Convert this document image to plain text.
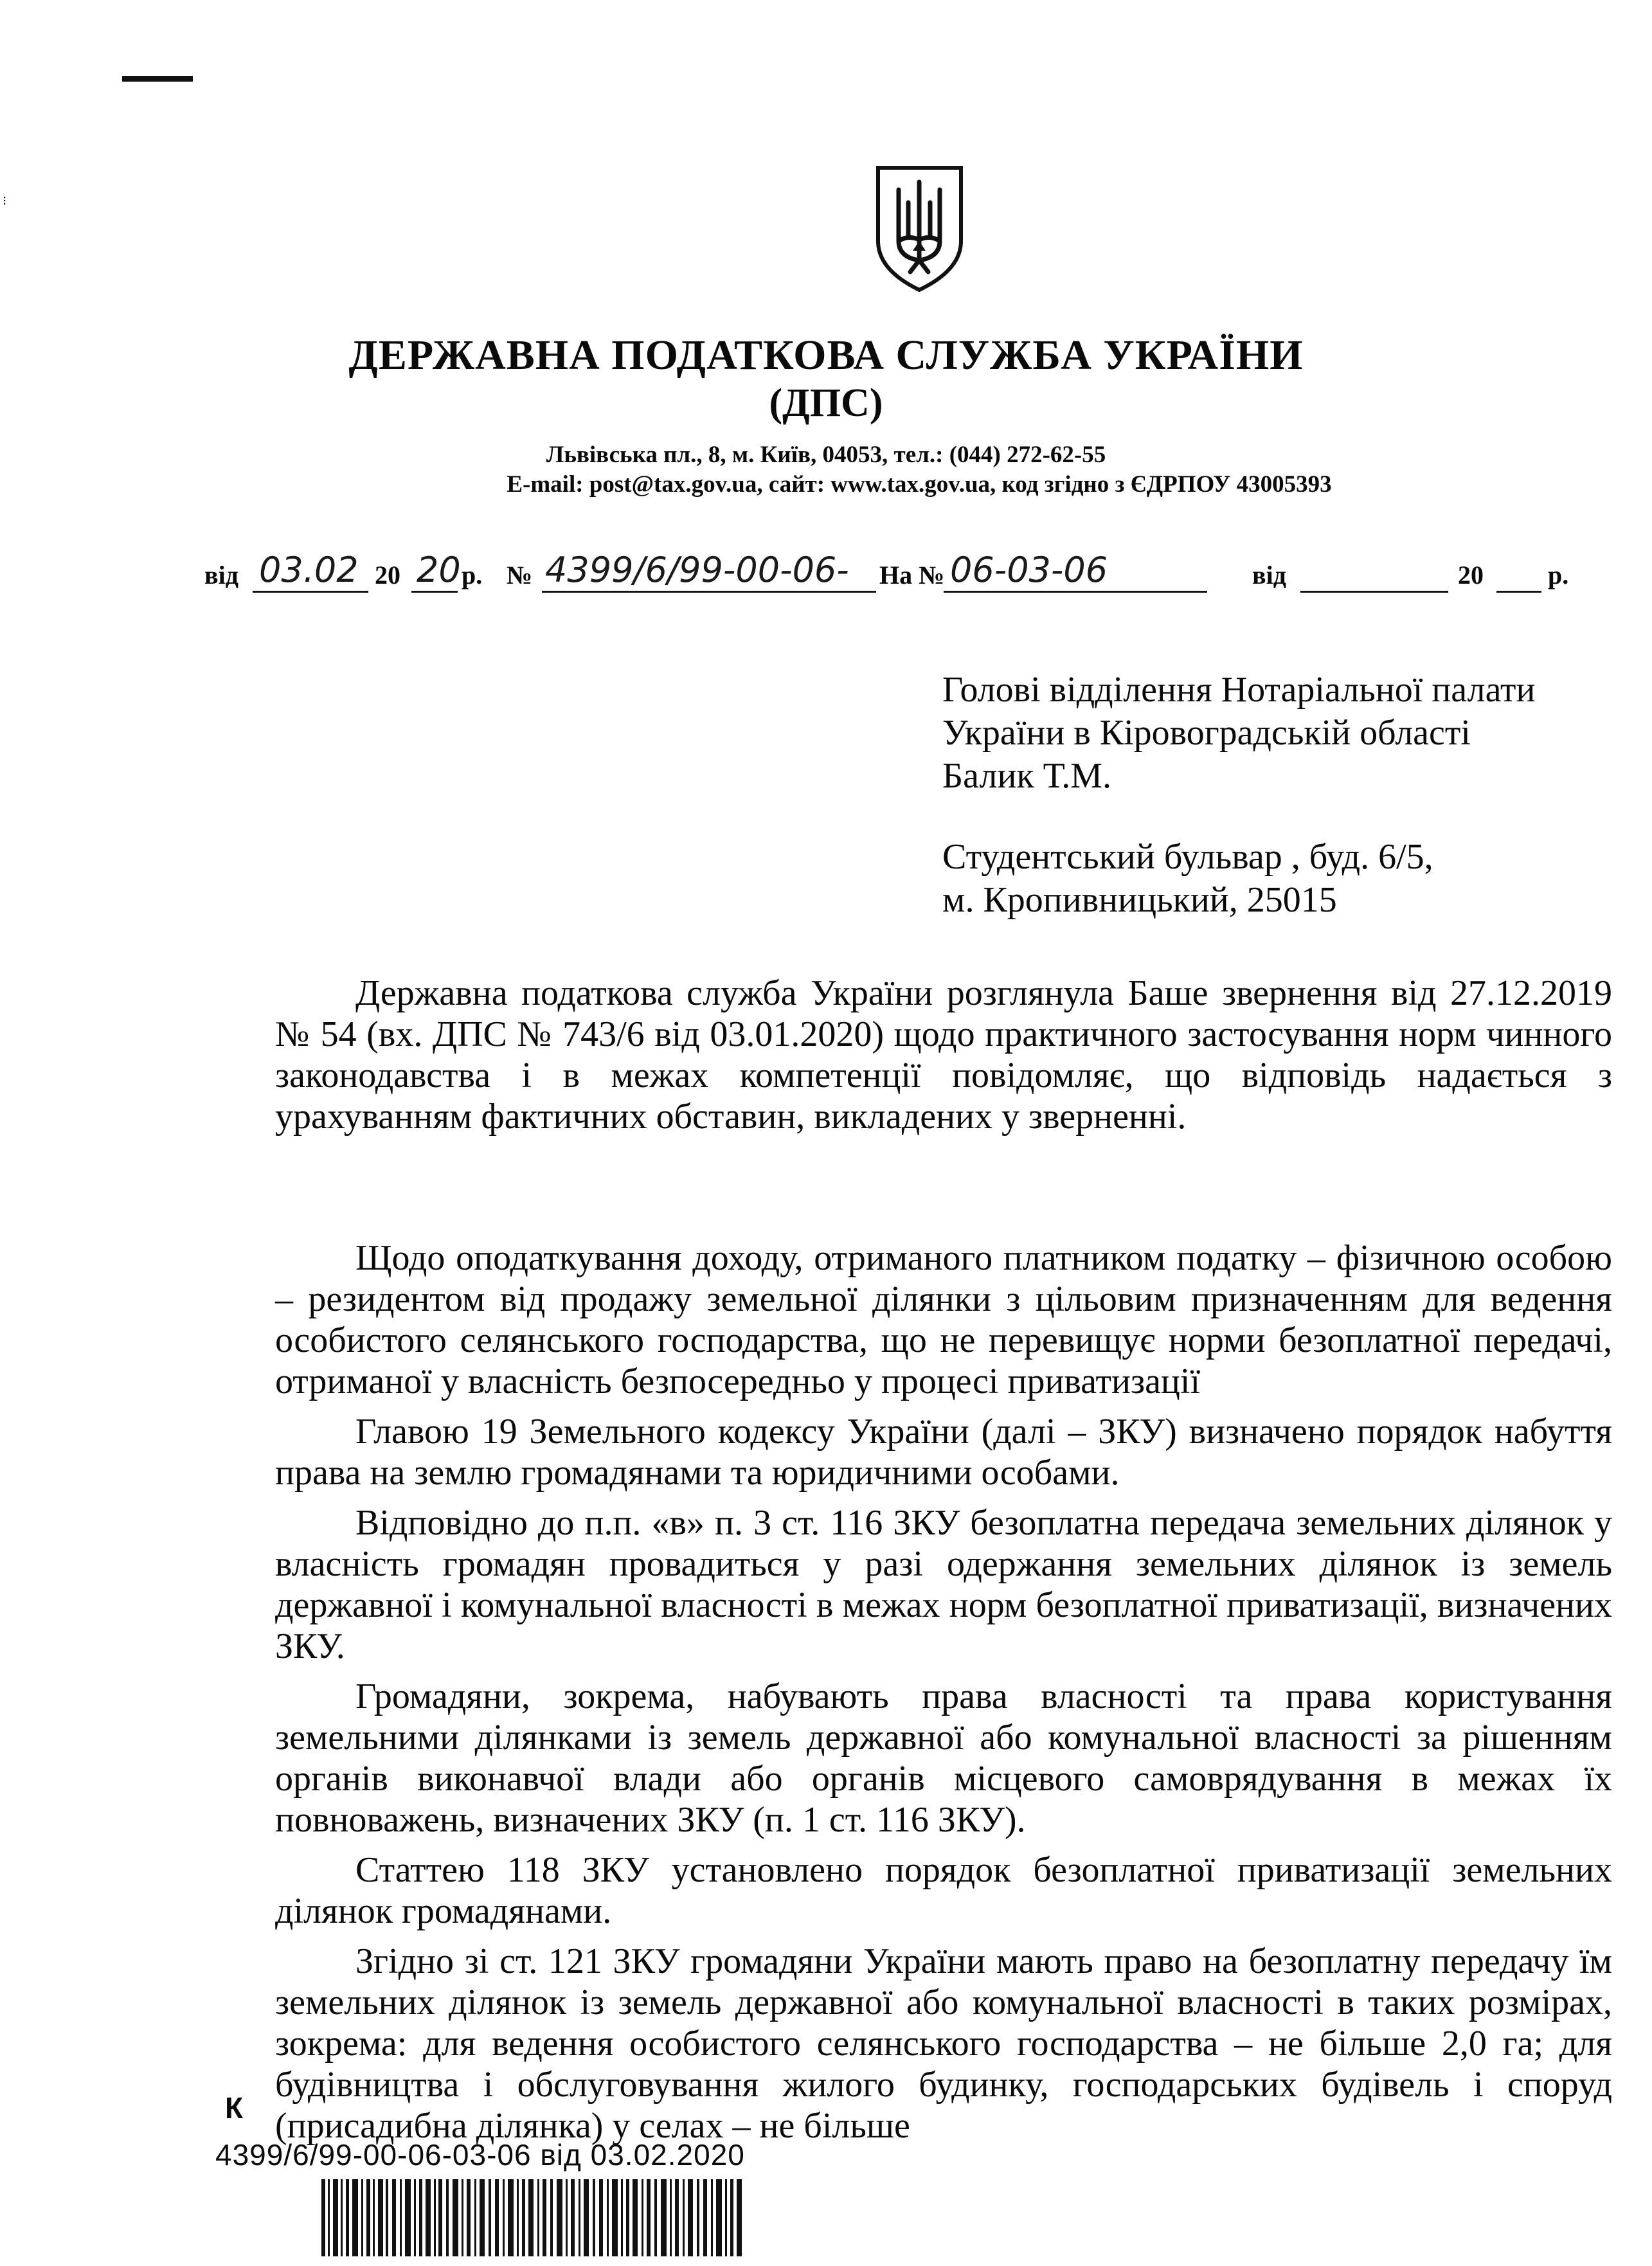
⁝
ДЕРЖАВНА ПОДАТКОВА СЛУЖБА УКРАЇНИ
(ДПС)
Львівська пл., 8, м. Київ, 04053, тел.: (044) 272-62-55
E-mail: post@tax.gov.ua, сайт: www.tax.gov.ua, код згідно з ЄДРПОУ 43005393
від 03.02 20 20 р. № 4399/6/99-00-06- На № 06-03-06	від	20	р.
Голові відділення Нотаріальної палати
України в Кіровоградській області
Балик Т.М.
Студентський бульвар , буд. 6/5,
м. Кропивницький, 25015

Державна податкова служба України розглянула Баше звернення від 27.12.2019 № 54 (вх. ДПС № 743/6 від 03.01.2020) щодо практичного застосування норм чинного законодавства і в межах компетенції повідомляє, що відповідь надається з урахуванням фактичних обставин, викладених у зверненні.

Щодо оподаткування доходу, отриманого платником податку – фізичною особою – резидентом від продажу земельної ділянки з цільовим призначенням для ведення особистого селянського господарства, що не перевищує норми безоплатної передачі, отриманої у власність безпосередньо у процесі приватизації

Главою 19 Земельного кодексу України (далі – ЗКУ) визначено порядок набуття права на землю громадянами та юридичними особами.

Відповідно до п.п. «в» п. 3 ст. 116 ЗКУ безоплатна передача земельних ділянок у власність громадян провадиться у разі одержання земельних ділянок із земель державної і комунальної власності в межах норм безоплатної приватизації, визначених ЗКУ.

Громадяни, зокрема, набувають права власності та права користування земельними ділянками із земель державної або комунальної власності за рішенням органів виконавчої влади або органів місцевого самоврядування в межах їх повноважень, визначених ЗКУ (п. 1 ст. 116 ЗКУ).

Статтею 118 ЗКУ установлено порядок безоплатної приватизації земельних ділянок громадянами.

Згідно зі ст. 121 ЗКУ громадяни України мають право на безоплатну передачу їм земельних ділянок із земель державної або комунальної власності в таких розмірах, зокрема: для ведення особистого селянського господарства – не більше 2,0 га; для будівництва і обслуговування жилого будинку, господарських будівель і споруд (присадибна ділянка) у селах – не більше

К
4399/6/99-00-06-03-06 від 03.02.2020
